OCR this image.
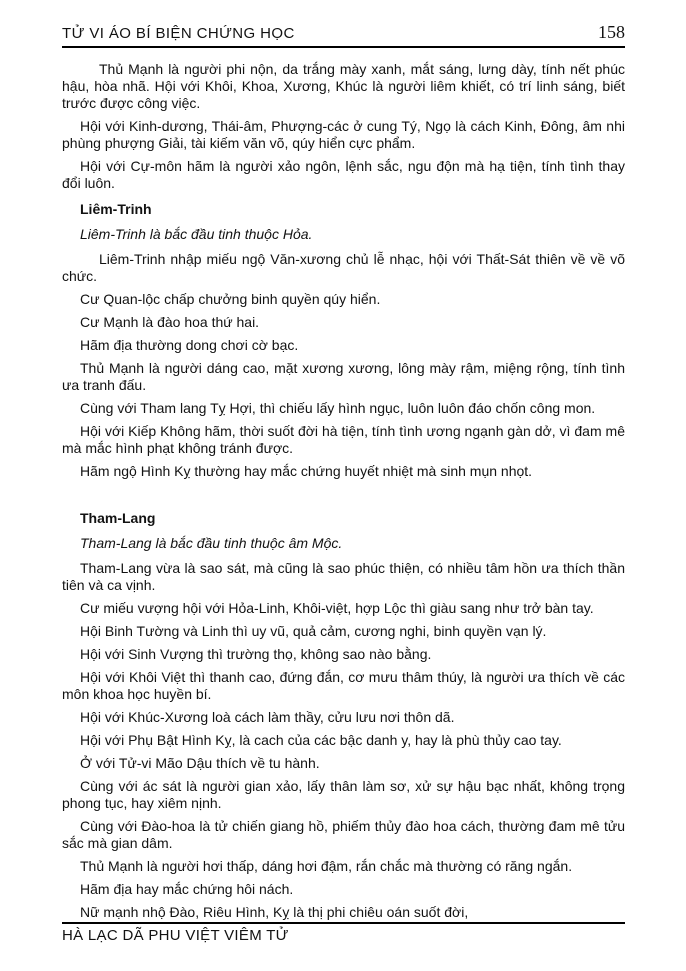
TỬ VI ÁO BÍ BIỆN CHỨNG HỌC	158

Thủ Mạnh là người phi nộn, da trắng mày xanh, mắt sáng, lưng dày, tính nết phúc hậu, hòa nhã. Hội với Khôi, Khoa, Xương, Khúc là người liêm khiết, có trí linh sáng, biết trước được công việc.

Hội với Kinh-dương, Thái-âm, Phượng-các ở cung Tý, Ngọ là cách Kinh, Đông, âm nhi phùng phượng Giải, tài kiếm văn võ, qúy hiển cực phẩm.

Hội với Cự-môn hãm là người xảo ngôn, lệnh sắc, ngu độn mà hạ tiện, tính tình thay đổi luôn.

Liêm-Trinh

Liêm-Trinh là bắc đầu tinh thuộc Hỏa.

Liêm-Trinh nhập miếu ngộ Văn-xương chủ lễ nhạc, hội với Thất-Sát thiên về về võ chức.

Cư Quan-lộc chấp chưởng binh quyền qúy hiển.

Cư Mạnh là đào hoa thứ hai.

Hãm địa thường dong chơi cờ bạc.

Thủ Mạnh là người dáng cao, mặt xương xương, lông mày rậm, miệng rộng, tính tình ưa tranh đấu.

Cùng với Tham lang Tỵ Hợi, thì chiếu lấy hình ngục, luôn luôn đáo chốn công mon.

Hội với Kiếp Không hãm, thời suốt đời hà tiện, tính tình ương ngạnh gàn dở, vì đam mê mà mắc hình phạt không tránh được.

Hãm ngộ Hình Kỵ thường hay mắc chứng huyết nhiệt mà sinh mụn nhọt.

Tham-Lang

Tham-Lang là bắc đầu tinh thuộc âm Mộc.

Tham-Lang vừa là sao sát, mà cũng là sao phúc thiện, có nhiều tâm hồn ưa thích thần tiên và ca vịnh.

Cư miếu vượng hội với Hỏa-Linh, Khôi-việt, hợp Lộc thì giàu sang như trở bàn tay.

Hội Binh Tường và Linh thì uy vũ, quả cảm, cương nghi, binh quyền vạn lý.

Hội với Sinh Vượng thì trường thọ, không sao nào bằng.

Hội với Khôi Việt thì thanh cao, đứng đắn, cơ mưu thâm thúy, là người ưa thích về các môn khoa học huyền bí.

Hội với Khúc-Xương loà cách làm thầy, cửu lưu nơi thôn dã.

Hội với Phụ Bật Hình Kỵ, là cach của các bậc danh y, hay là phù thủy cao tay.

Ở với Tử-vi Mão Dậu thích về tu hành.

Cùng với ác sát là người gian xảo, lấy thân làm sơ, xử sự hậu bạc nhất, không trọng phong tục, hay xiêm nịnh.

Cùng với Đào-hoa là tử chiến giang hồ, phiếm thủy đào hoa cách, thường đam mê tửu sắc mà gian dâm.

Thủ Mạnh là người hơi thấp, dáng hơi đậm, rắn chắc mà thường có răng ngắn.

Hãm địa hay mắc chứng hôi nách.

Nữ mạnh nhộ Đào, Riêu Hình, Kỵ là thị phi chiêu oán suốt đời,

HÀ LẠC DÃ PHU VIỆT VIÊM TỬ
